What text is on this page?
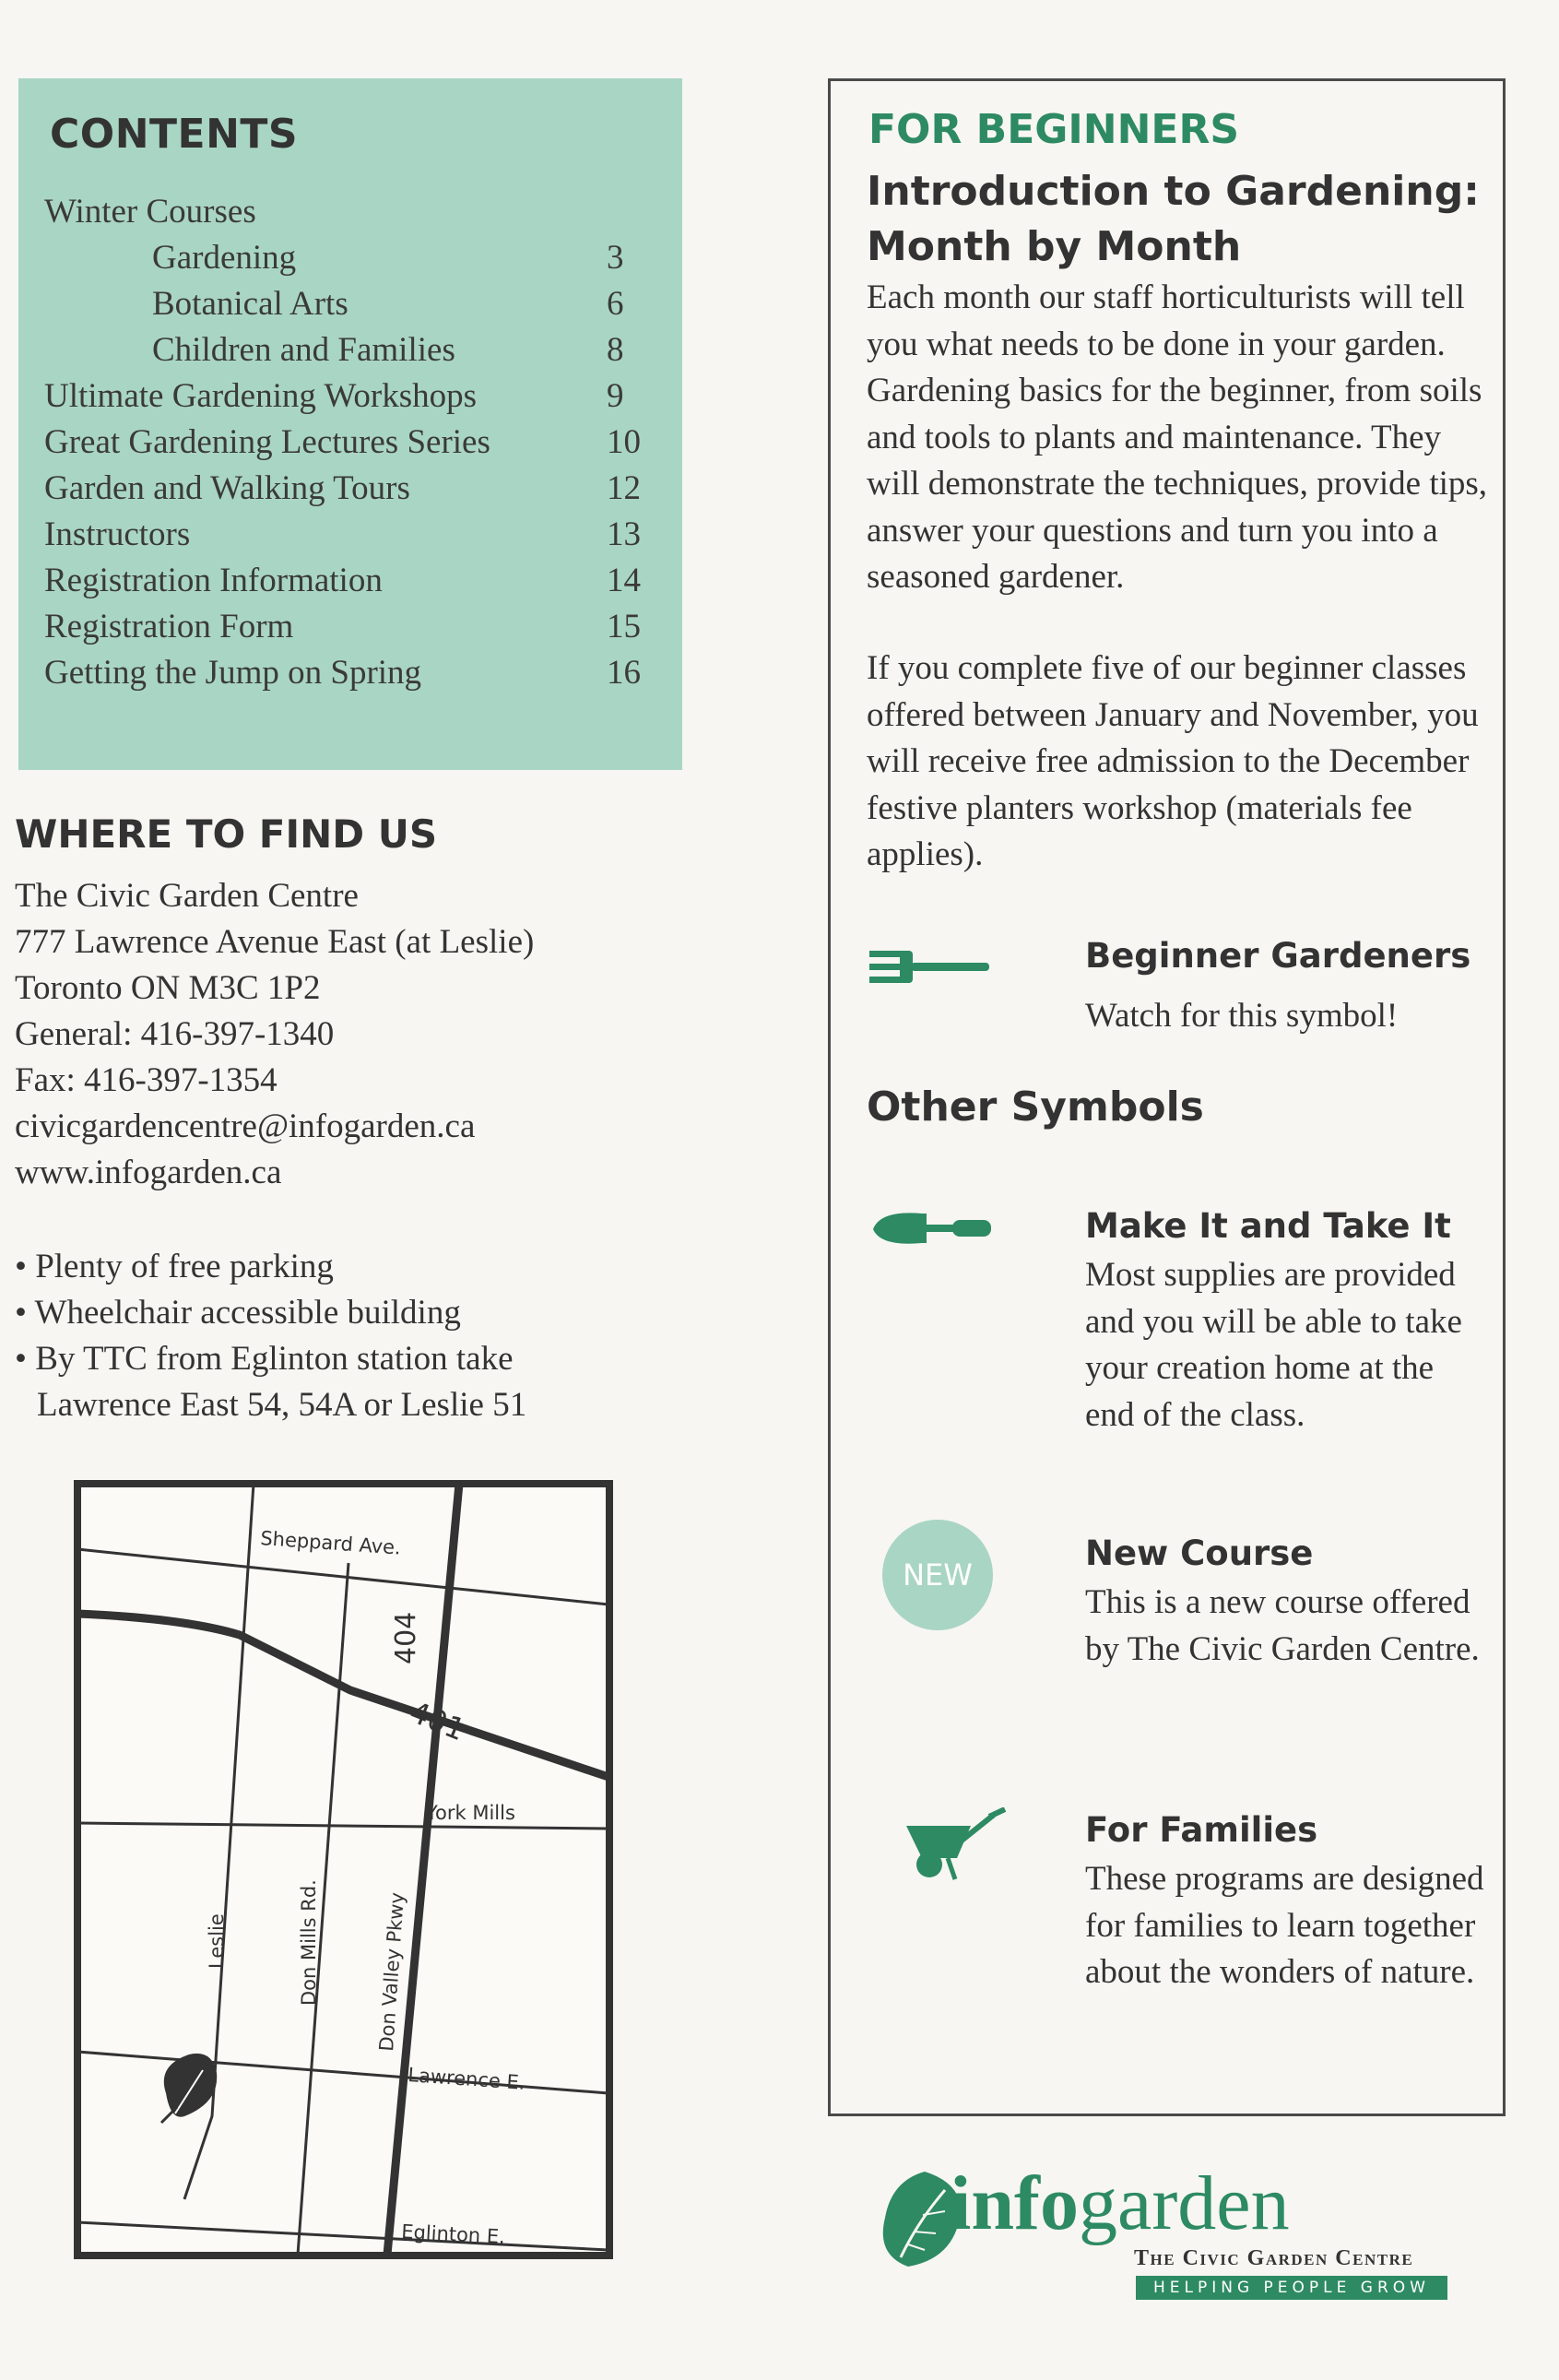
CONTENTS
Winter Courses
Gardening	3
Botanical Arts	6
Children and Families	8
Ultimate Gardening Workshops	9
Great Gardening Lectures Series	10
Garden and Walking Tours	12
Instructors	13
Registration Information	14
Registration Form	15
Getting the Jump on Spring	16
WHERE TO FIND US
The Civic Garden Centre
777 Lawrence Avenue East (at Leslie)
Toronto ON M3C 1P2
General: 416-397-1340
Fax: 416-397-1354
civicgardencentre@infogarden.ca
www.infogarden.ca
• Plenty of free parking
• Wheelchair accessible building
• By TTC from Eglinton station take
Lawrence East 54, 54A or Leslie 51
Sheppard Ave.
404
401
York Mills
Leslie	Don Mills Rd.	Don Valley Pkwy
Lawrence E.
Eglinton E.
FOR BEGINNERS
Introduction to Gardening:
Month by Month
Each month our staff horticulturists will tell you what needs to be done in your garden. Gardening basics for the beginner, from soils and tools to plants and maintenance. They will demonstrate the techniques, provide tips, answer your questions and turn you into a seasoned gardener.
If you complete five of our beginner classes offered between January and November, you will receive free admission to the December festive planters workshop (materials fee applies).
Beginner Gardeners
Watch for this symbol!
Other Symbols
Make It and Take It
Most supplies are provided and you will be able to take your creation home at the end of the class.
NEW
New Course
This is a new course offered by The Civic Garden Centre.
For Families
These programs are designed for families to learn together about the wonders of nature.
infogarden
The Civic Garden Centre
HELPING PEOPLE GROW
